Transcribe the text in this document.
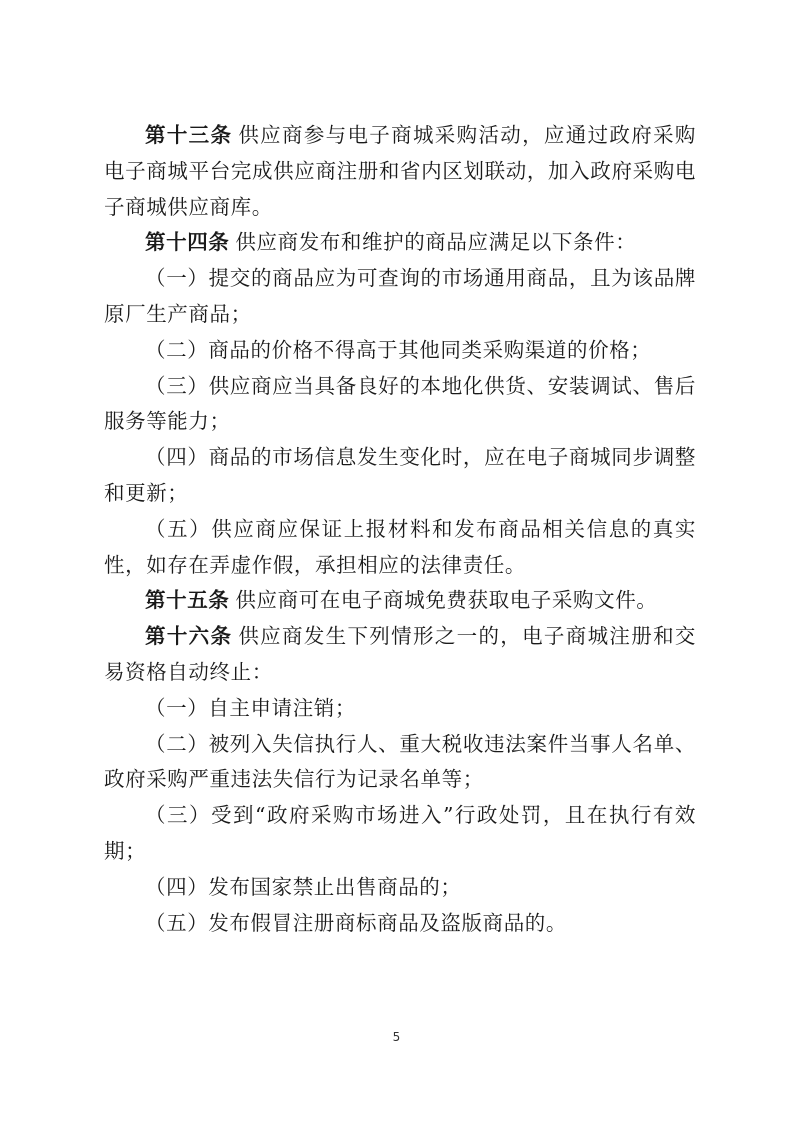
第十三条 供应商参与电子商城采购活动，应通过政府采购电子商城平台完成供应商注册和省内区划联动，加入政府采购电子商城供应商库。

第十四条 供应商发布和维护的商品应满足以下条件：

（一）提交的商品应为可查询的市场通用商品，且为该品牌原厂生产商品；

（二）商品的价格不得高于其他同类采购渠道的价格；

（三）供应商应当具备良好的本地化供货、安装调试、售后服务等能力；

（四）商品的市场信息发生变化时，应在电子商城同步调整和更新；

（五）供应商应保证上报材料和发布商品相关信息的真实性，如存在弄虚作假，承担相应的法律责任。

第十五条 供应商可在电子商城免费获取电子采购文件。

第十六条 供应商发生下列情形之一的，电子商城注册和交易资格自动终止：

（一）自主申请注销；

（二）被列入失信执行人、重大税收违法案件当事人名单、政府采购严重违法失信行为记录名单等；

（三）受到“政府采购市场进入”行政处罚，且在执行有效期；

（四）发布国家禁止出售商品的；

（五）发布假冒注册商标商品及盗版商品的。

5
